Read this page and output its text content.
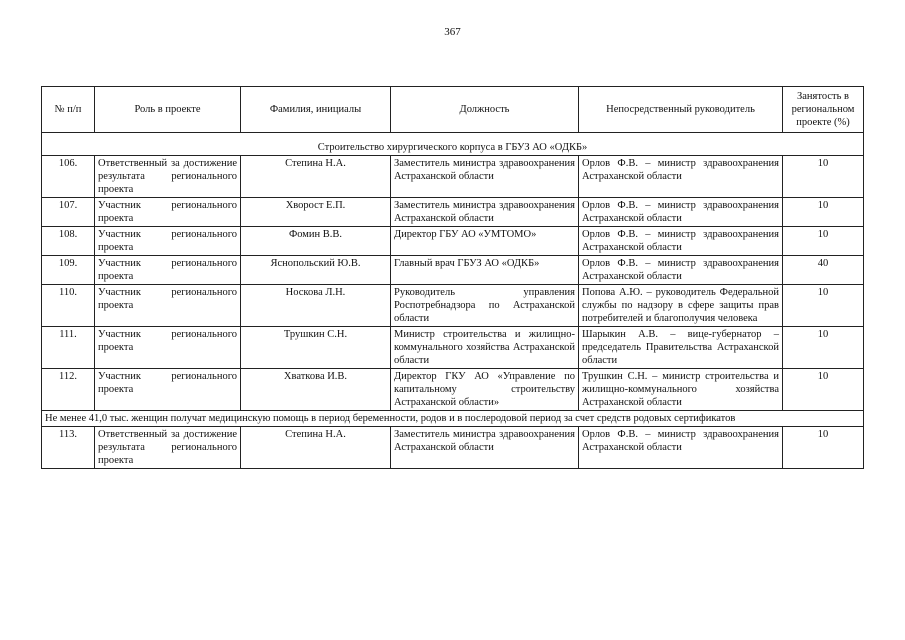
367
№ п/п	Роль в проекте	Фамилия, инициалы	Должность	Непосредственный руководитель	Занятость в региональном проекте (%)
Строительство хирургического корпуса в ГБУЗ АО «ОДКБ»					
106.	Ответственный за достижение результата регионального проекта	Степина Н.А.	Заместитель министра здравоохранения Астраханской области	Орлов Ф.В. – министр здравоохранения Астраханской области	10
107.	Участник регионального проекта	Хворост Е.П.	Заместитель министра здравоохранения Астраханской области	Орлов Ф.В. – министр здравоохранения Астраханской области	10
108.	Участник регионального проекта	Фомин В.В.	Директор ГБУ АО «УМТОМО»	Орлов Ф.В. – министр здравоохранения Астраханской области	10
109.	Участник регионального проекта	Яснопольский Ю.В.	Главный врач ГБУЗ АО «ОДКБ»	Орлов Ф.В. – министр здравоохранения Астраханской области	40
110.	Участник регионального проекта	Носкова Л.Н.	Руководитель управления Роспотребнадзора по Астраханской области	Попова А.Ю. – руководитель Федеральной службы по надзору в сфере защиты прав потребителей и благополучия человека	10
111.	Участник регионального проекта	Трушкин С.Н.	Министр строительства и жилищно-коммунального хозяйства Астраханской области	Шарыкин А.В. – вице-губернатор – председатель Правительства Астраханской области	10
112.	Участник регионального проекта	Хваткова И.В.	Директор ГКУ АО «Управление по капитальному строительству Астраханской области»	Трушкин С.Н. – министр строительства и жилищно-коммунального хозяйства Астраханской области	10
Не менее 41,0 тыс. женщин получат медицинскую помощь в период беременности, родов и в послеродовой период за счет средств родовых сертификатов					
113.	Ответственный за достижение результата регионального проекта	Степина Н.А.	Заместитель министра здравоохранения Астраханской области	Орлов Ф.В. – министр здравоохранения Астраханской области	10
